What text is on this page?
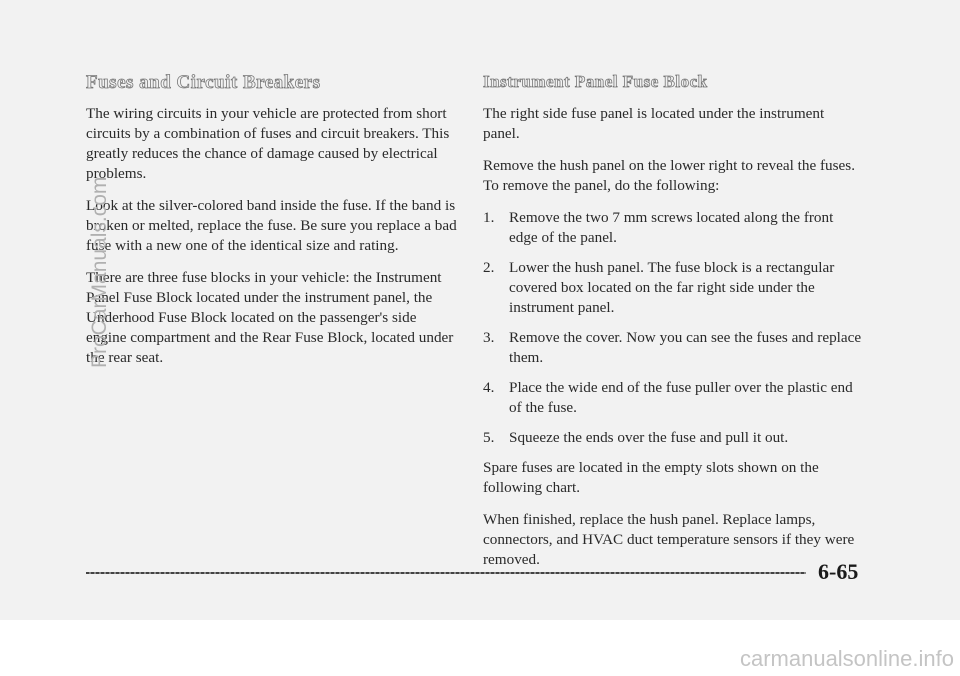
Fuses and Circuit Breakers

The wiring circuits in your vehicle are protected from short circuits by a combination of fuses and circuit breakers. This greatly reduces the chance of damage caused by electrical problems.

Look at the silver-colored band inside the fuse. If the band is broken or melted, replace the fuse. Be sure you replace a bad fuse with a new one of the identical size and rating.

There are three fuse blocks in your vehicle: the Instrument Panel Fuse Block located under the instrument panel, the Underhood Fuse Block located on the passenger's side engine compartment and the Rear Fuse Block, located under the rear seat.

Instrument Panel Fuse Block

The right side fuse panel is located under the instrument panel.

Remove the hush panel on the lower right to reveal the fuses. To remove the panel, do the following:

1. Remove the two 7 mm screws located along the front edge of the panel.
2. Lower the hush panel. The fuse block is a rectangular covered box located on the far right side under the instrument panel.
3. Remove the cover. Now you can see the fuses and replace them.
4. Place the wide end of the fuse puller over the plastic end of the fuse.
5. Squeeze the ends over the fuse and pull it out.

Spare fuses are located in the empty slots shown on the following chart.

When finished, replace the hush panel. Replace lamps, connectors, and HVAC duct temperature sensors if they were removed.	6-65
ProCarManuals.com
carmanualsonline.info
